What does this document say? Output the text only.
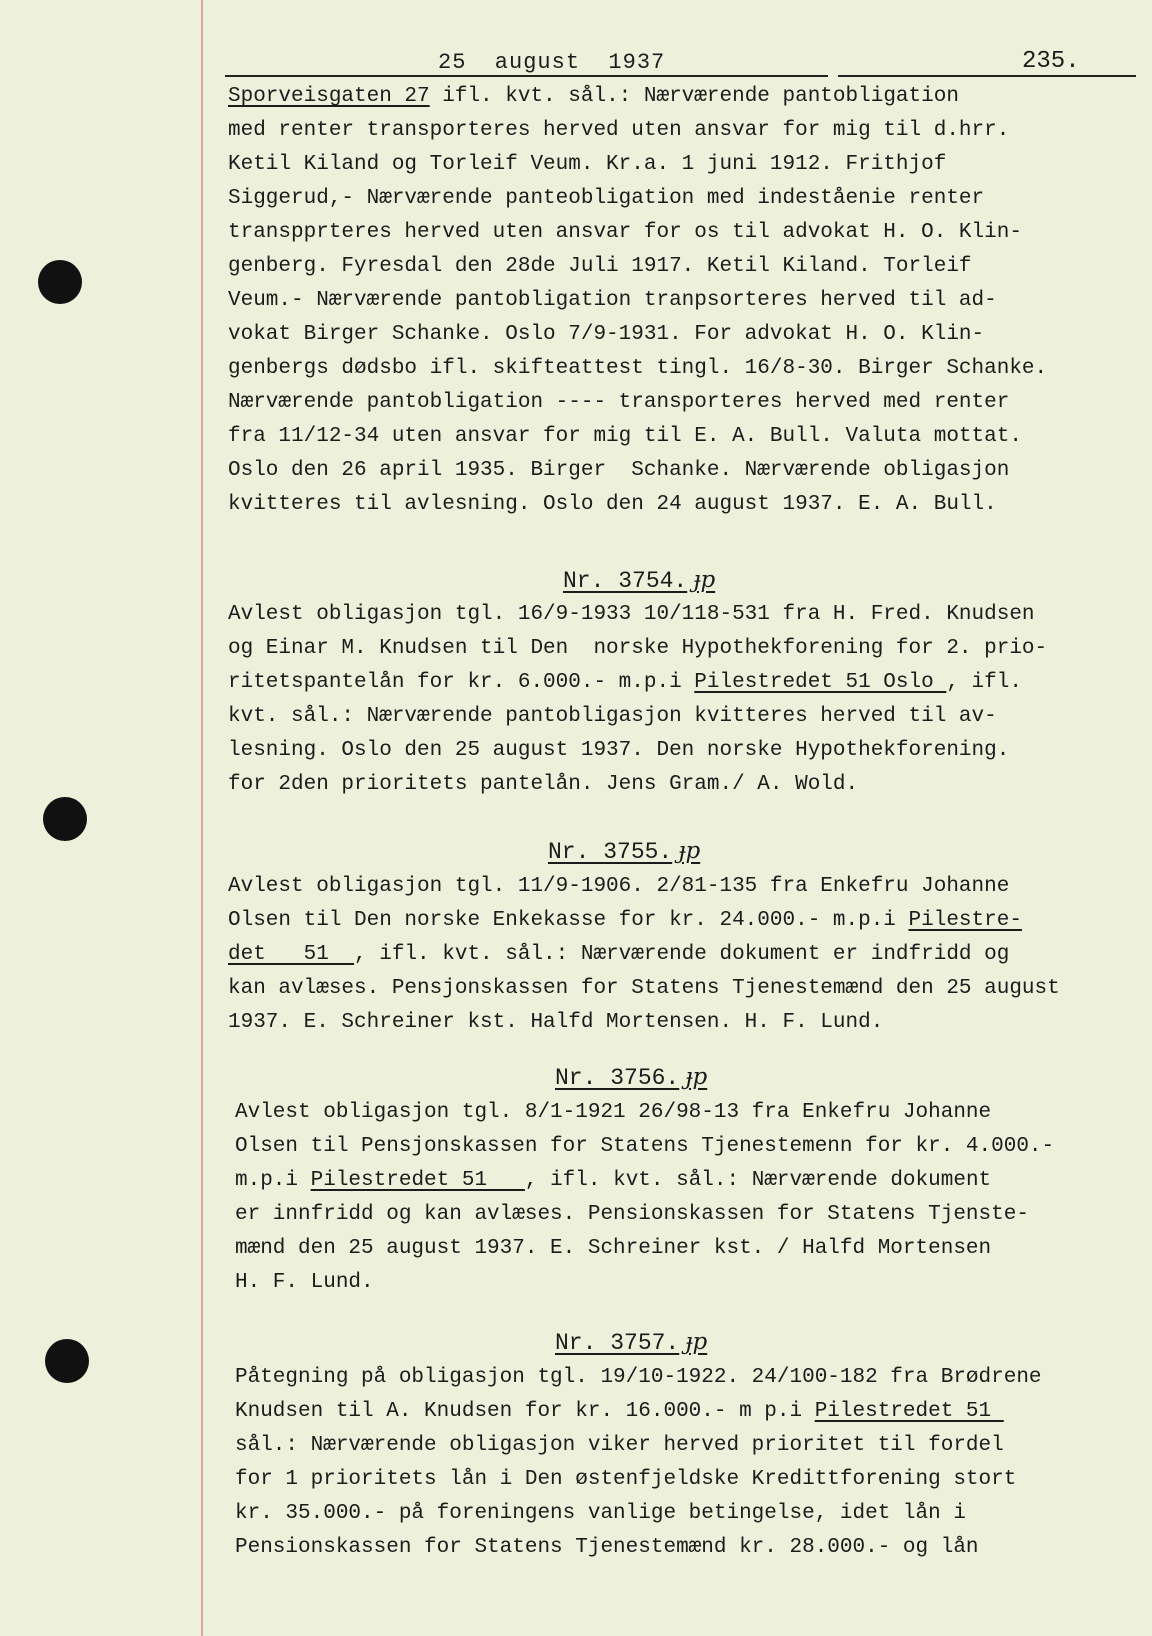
25  august  1937	235.
Sporveisgaten 27 ifl. kvt. sål.: Nærværende pantobligation
med renter transporteres herved uten ansvar for mig til d.hrr.
Ketil Kiland og Torleif Veum. Kr.a. 1 juni 1912. Frithjof
Siggerud,- Nærværende panteobligation med indeståenie renter
transpprteres herved uten ansvar for os til advokat H. O. Klin-
genberg. Fyresdal den 28de Juli 1917. Ketil Kiland. Torleif
Veum.- Nærværende pantobligation tranpsorteres herved til ad-
vokat Birger Schanke. Oslo 7/9-1931. For advokat H. O. Klin-
genbergs dødsbo ifl. skifteattest tingl. 16/8-30. Birger Schanke.
Nærværende pantobligation ---- transporteres herved med renter
fra 11/12-34 uten ansvar for mig til E. A. Bull. Valuta mottat.
Oslo den 26 april 1935. Birger  Schanke. Nærværende obligasjon
kvitteres til avlesning. Oslo den 24 august 1937. E. A. Bull.
Nr. 3754. ɟp
Avlest obligasjon tgl. 16/9-1933 10/118-531 fra H. Fred. Knudsen
og Einar M. Knudsen til Den  norske Hypothekforening for 2. prio-
ritetspantelån for kr. 6.000.- m.p.i Pilestredet 51 Oslo , ifl.
kvt. sål.: Nærværende pantobligasjon kvitteres herved til av-
lesning. Oslo den 25 august 1937. Den norske Hypothekforening.
for 2den prioritets pantelån. Jens Gram./ A. Wold.
Nr. 3755. ɟp
Avlest obligasjon tgl. 11/9-1906. 2/81-135 fra Enkefru Johanne
Olsen til Den norske Enkekasse for kr. 24.000.- m.p.i Pilestre-
det   51  , ifl. kvt. sål.: Nærværende dokument er indfridd og
kan avlæses. Pensjonskassen for Statens Tjenestemænd den 25 august
1937. E. Schreiner kst. Halfd Mortensen. H. F. Lund.
Nr. 3756. ɟp
Avlest obligasjon tgl. 8/1-1921 26/98-13 fra Enkefru Johanne
Olsen til Pensjonskassen for Statens Tjenestemenn for kr. 4.000.-
m.p.i Pilestredet 51   , ifl. kvt. sål.: Nærværende dokument
er innfridd og kan avlæses. Pensionskassen for Statens Tjenste-
mænd den 25 august 1937. E. Schreiner kst. / Halfd Mortensen
H. F. Lund.
Nr. 3757. ɟp
Påtegning på obligasjon tgl. 19/10-1922. 24/100-182 fra Brødrene
Knudsen til A. Knudsen for kr. 16.000.- m p.i Pilestredet 51
sål.: Nærværende obligasjon viker herved prioritet til fordel
for 1 prioritets lån i Den østenfjeldske Kredittforening stort
kr. 35.000.- på foreningens vanlige betingelse, idet lån i
Pensionskassen for Statens Tjenestemænd kr. 28.000.- og lån
